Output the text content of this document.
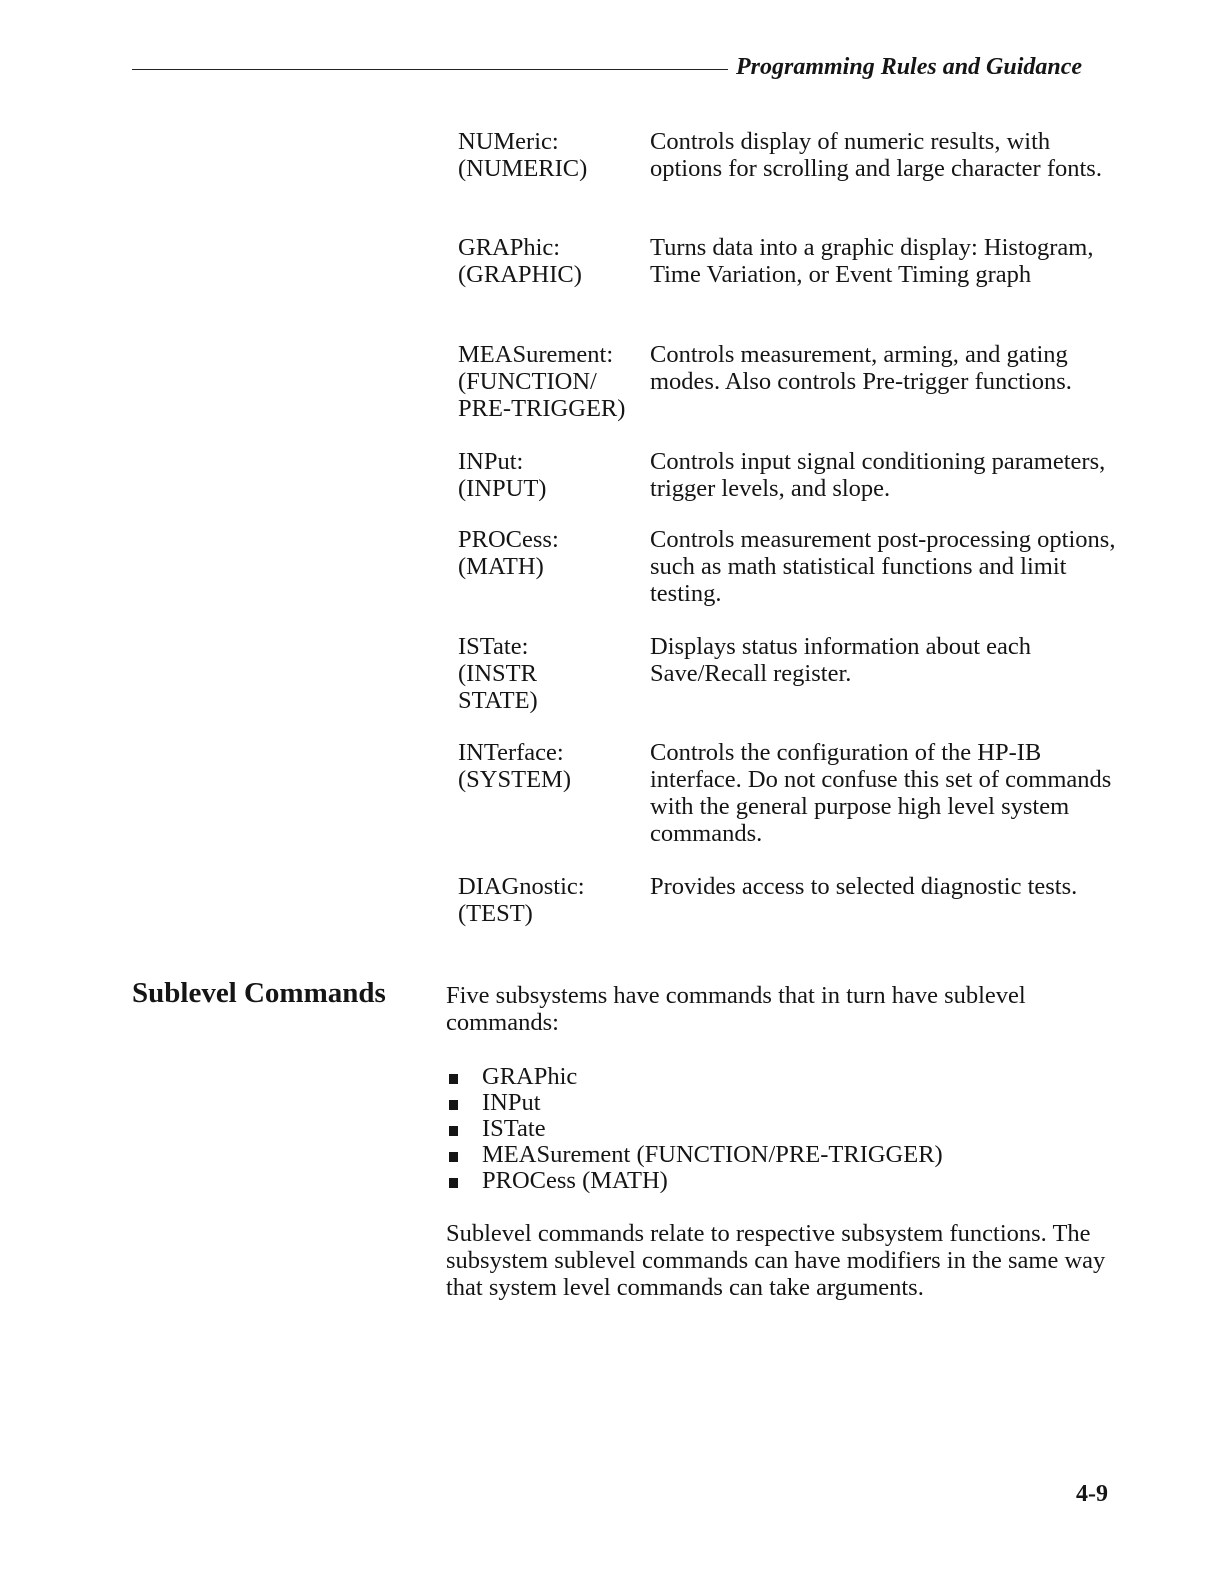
Programming Rules and Guidance
NUMeric:
(NUMERIC)
Controls display of numeric results, with options for scrolling and large character fonts.
GRAPhic:
(GRAPHIC)
Turns data into a graphic display: Histogram, Time Variation, or Event Timing graph
MEASurement:
(FUNCTION/
PRE-TRIGGER)
Controls measurement, arming, and gating modes. Also controls Pre-trigger functions.
INPut:
(INPUT)
Controls input signal conditioning parameters, trigger levels, and slope.
PROCess:
(MATH)
Controls measurement post-processing options, such as math statistical functions and limit testing.
ISTate:
(INSTR
STATE)
Displays status information about each Save/Recall register.
INTerface:
(SYSTEM)
Controls the configuration of the HP-IB interface. Do not confuse this set of commands with the general purpose high level system commands.
DIAGnostic:
(TEST)
Provides access to selected diagnostic tests.
Sublevel Commands Five subsystems have commands that in turn have sublevel commands:
GRAPhic
INPut
ISTate
MEASurement (FUNCTION/PRE-TRIGGER)
PROCess (MATH)
Sublevel commands relate to respective subsystem functions. The subsystem sublevel commands can have modifiers in the same way that system level commands can take arguments.
4-9
